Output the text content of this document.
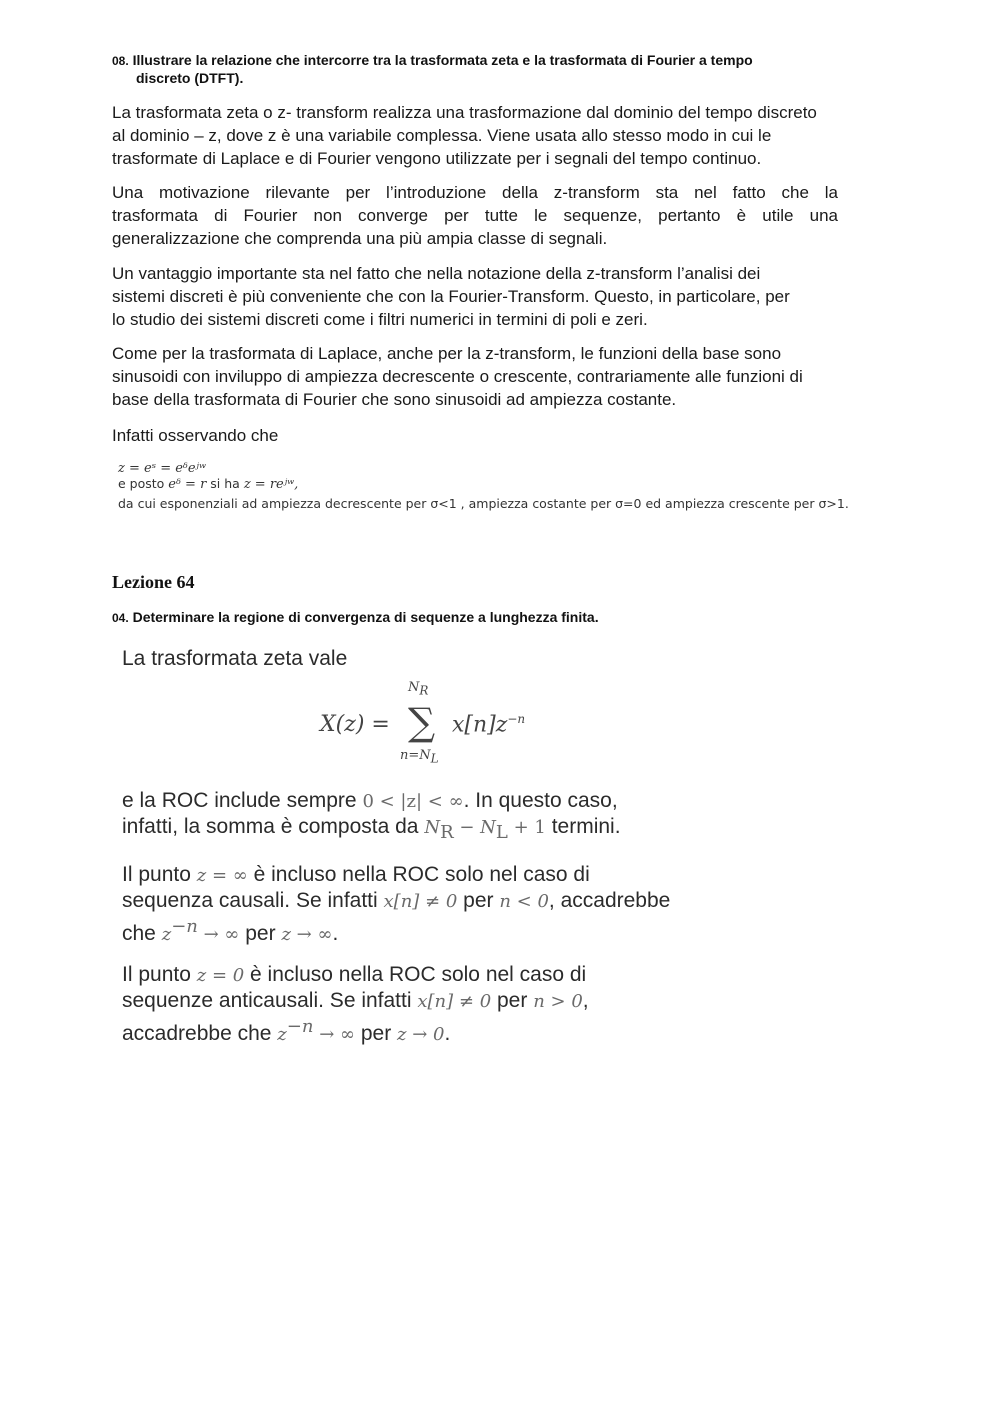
08. Illustrare la relazione che intercorre tra la trasformata zeta e la trasformata di Fourier a tempo
discreto (DTFT).
La trasformata zeta o z- transform realizza una trasformazione dal dominio del tempo discreto
al dominio – z, dove z è una variabile complessa. Viene usata allo stesso modo in cui le
trasformate di Laplace e di Fourier vengono utilizzate per i segnali del tempo continuo.
Una motivazione rilevante per l’introduzione della z-transform sta nel fatto che la
trasformata di Fourier non converge per tutte le sequenze, pertanto è utile una
generalizzazione che comprenda una più ampia classe di segnali.
Un vantaggio importante sta nel fatto che nella notazione della z-transform l’analisi dei
sistemi discreti è più conveniente che con la Fourier-Transform. Questo, in particolare, per
lo studio dei sistemi discreti come i filtri numerici in termini di poli e zeri.
Come per la trasformata di Laplace, anche per la z-transform, le funzioni della base sono
sinusoidi con inviluppo di ampiezza decrescente o crescente, contrariamente alle funzioni di
base della trasformata di Fourier che sono sinusoidi ad ampiezza costante.
Infatti osservando che
z = eˢ = eᵟeʲʷ
e posto eᵟ = r si ha z = reʲʷ,
da cui esponenziali ad ampiezza decrescente per σ<1 , ampiezza costante per σ=0 ed ampiezza crescente per σ>1.
Lezione 64
04. Determinare la regione di convergenza di sequenze a lunghezza finita.
La trasformata zeta vale
X(z) =
$N_R$
∑
$n=N_L$
$x[n]z^{-n}$
e la ROC include sempre 0 < |z| < ∞. In questo caso,
infatti, la somma è composta da $N_R - N_L + 1$ termini.
Il punto z = ∞ è incluso nella ROC solo nel caso di
sequenza causali. Se infatti x[n] ≠ 0 per n < 0, accadrebbe
che $z^{-n}$ → ∞ per z → ∞.
Il punto z = 0 è incluso nella ROC solo nel caso di
sequenze anticausali. Se infatti x[n] ≠ 0 per n > 0,
accadrebbe che $z^{-n}$ → ∞ per z → 0.
